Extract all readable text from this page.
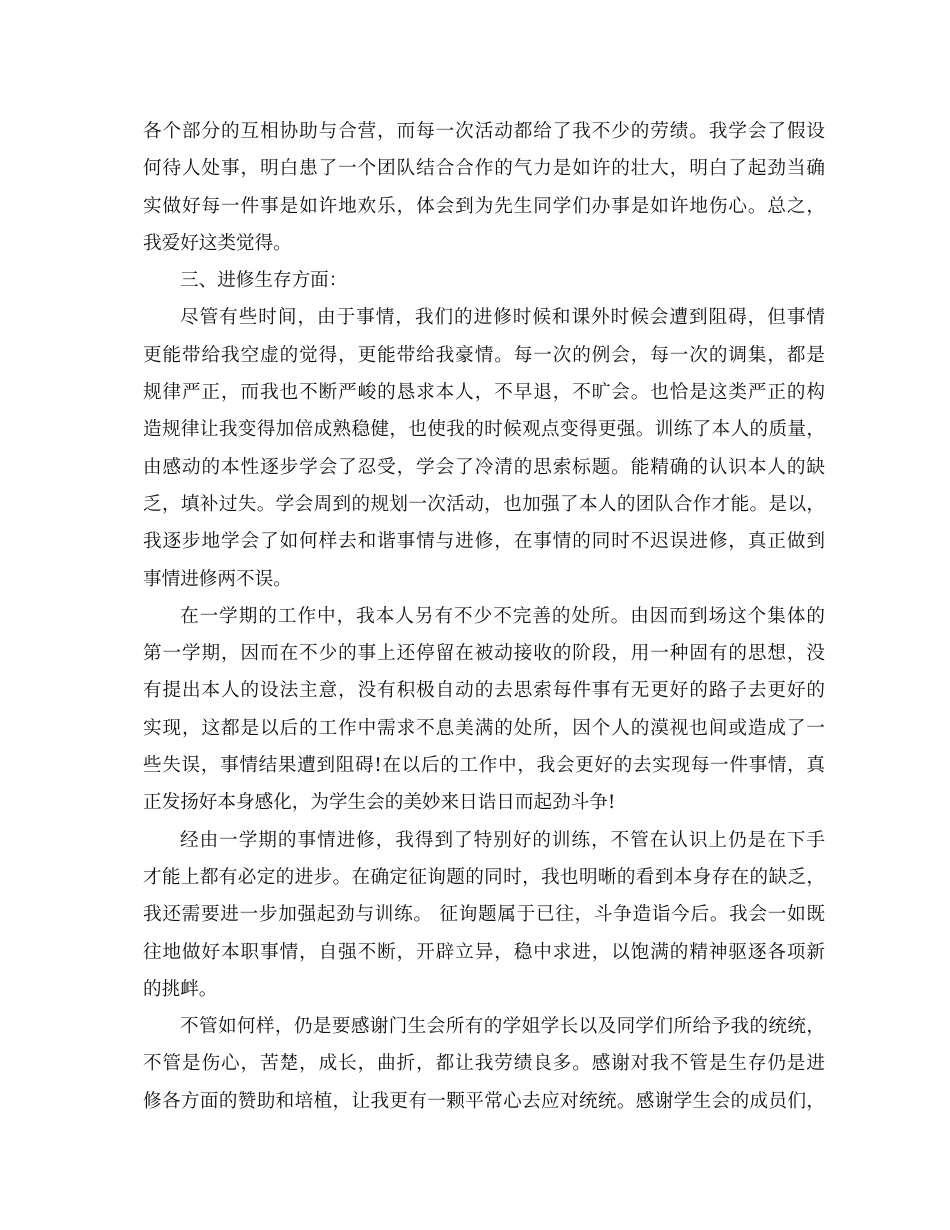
各个部分的互相协助与合营，而每一次活动都给了我不少的劳绩。我学会了假设
何待人处事，明白患了一个团队结合合作的气力是如许的壮大，明白了起劲当确
实做好每一件事是如许地欢乐，体会到为先生同学们办事是如许地伤心。总之，
我爱好这类觉得。
三、进修生存方面：
尽管有些时间，由于事情，我们的进修时候和课外时候会遭到阻碍，但事情
更能带给我空虚的觉得，更能带给我豪情。每一次的例会，每一次的调集，都是
规律严正，而我也不断严峻的恳求本人，不早退，不旷会。也恰是这类严正的构
造规律让我变得加倍成熟稳健，也使我的时候观点变得更强。训练了本人的质量，
由感动的本性逐步学会了忍受，学会了冷清的思索标题。能精确的认识本人的缺
乏，填补过失。学会周到的规划一次活动，也加强了本人的团队合作才能。是以，
我逐步地学会了如何样去和谐事情与进修，在事情的同时不迟误进修，真正做到
事情进修两不误。
在一学期的工作中，我本人另有不少不完善的处所。由因而到场这个集体的
第一学期，因而在不少的事上还停留在被动接收的阶段，用一种固有的思想，没
有提出本人的设法主意，没有积极自动的去思索每件事有无更好的路子去更好的
实现，这都是以后的工作中需求不息美满的处所，因个人的漠视也间或造成了一
些失误，事情结果遭到阻碍!在以后的工作中，我会更好的去实现每一件事情，真
正发扬好本身感化，为学生会的美妙来日诰日而起劲斗争!
经由一学期的事情进修，我得到了特别好的训练，不管在认识上仍是在下手
才能上都有必定的进步。在确定征询题的同时，我也明晰的看到本身存在的缺乏，
我还需要进一步加强起劲与训练。 征询题属于已往，斗争造诣今后。我会一如既
往地做好本职事情，自强不断，开辟立异，稳中求进，以饱满的精神驱逐各项新
的挑衅。
不管如何样，仍是要感谢门生会所有的学姐学长以及同学们所给予我的统统，
不管是伤心，苦楚，成长，曲折，都让我劳绩良多。感谢对我不管是生存仍是进
修各方面的赞助和培植，让我更有一颗平常心去应对统统。感谢学生会的成员们，
